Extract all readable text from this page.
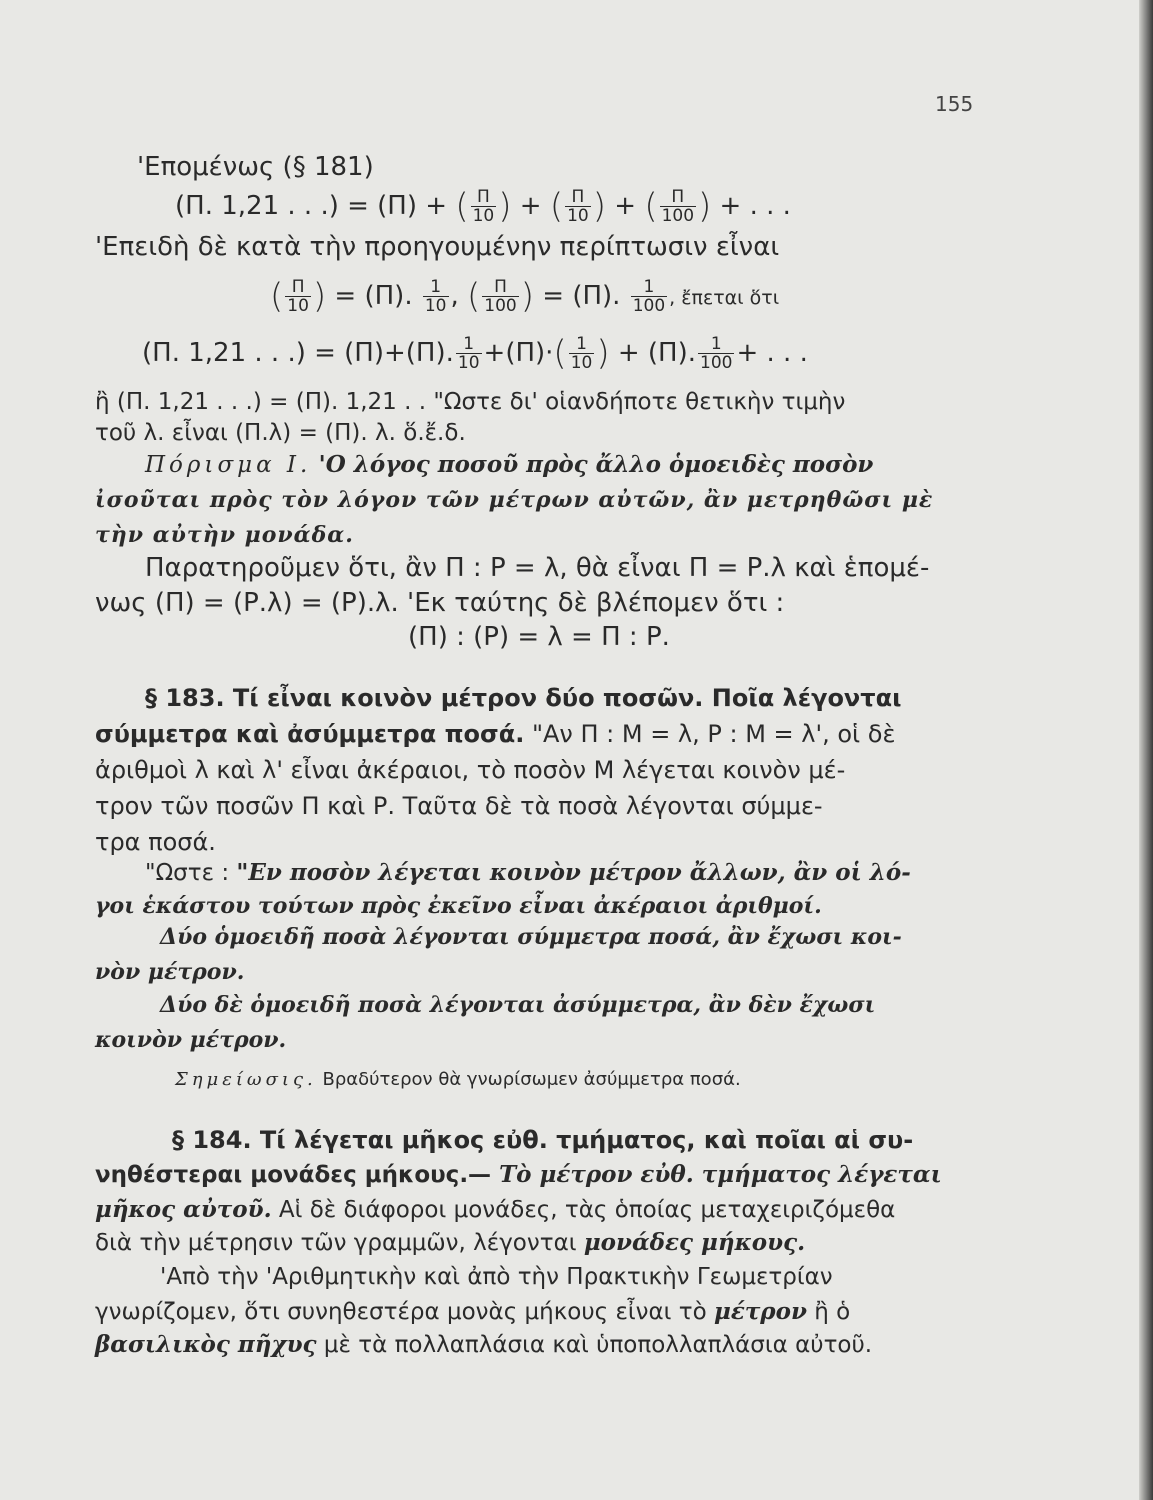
155
'Επομένως (§ 181)
(Π. 1,21 . . .) = (Π) + ( $\frac{\Pi}{10}$ ) + ( $\frac{\Pi}{10}$ ) + ( $\frac{\Pi}{100}$ ) + . . .
'Επειδὴ δὲ κατὰ τὴν προηγουμένην περίπτωσιν εἶναι
( $\frac{\Pi}{10}$ ) = (Π). $\frac{1}{10}$ , ( $\frac{\Pi}{100}$ ) = (Π). $\frac{1}{100}$ , ἔπεται ὅτι
(Π. 1,21 . . .) = (Π)+(Π). $\frac{1}{10} +(\Pi)\cdot( \frac{1}{10}$ ) + (Π). $\frac{1}{100}$ + . . .
ἢ (Π. 1,21 . . .) = (Π). 1,21 . . "Ωστε δι' οἱανδήποτε θετικὴν τιμὴν
τοῦ λ. εἶναι (Π.λ) = (Π). λ. ὅ.ἔ.δ.
Πόρισμα Ι. 'Ο λόγος ποσοῦ πρὸς ἄλλο ὁμοειδὲς ποσὸν
ἰσοῦται πρὸς τὸν λόγον τῶν μέτρων αὐτῶν, ἂν μετρηθῶσι μὲ
τὴν αὐτὴν μονάδα.
Παρατηροῦμεν ὅτι, ἂν Π : Ρ = λ, θὰ εἶναι Π = Ρ.λ καὶ ἑπομέ-
νως (Π) = (Ρ.λ) = (Ρ).λ. 'Εκ ταύτης δὲ βλέπομεν ὅτι :
(Π) : (Ρ) = λ = Π : Ρ.
§ 183. Τί εἶναι κοινὸν μέτρον δύο ποσῶν. Ποῖα λέγονται
σύμμετρα καὶ ἀσύμμετρα ποσά. "Αν Π : Μ = λ, Ρ : Μ = λ', οἱ δὲ
ἀριθμοὶ λ καὶ λ' εἶναι ἀκέραιοι, τὸ ποσὸν Μ λέγεται κοινὸν μέ-
τρον τῶν ποσῶν Π καὶ Ρ. Ταῦτα δὲ τὰ ποσὰ λέγονται σύμμε-
τρα ποσά.
"Ωστε : "Εν ποσὸν λέγεται κοινὸν μέτρον ἄλλων, ἂν οἱ λό-
γοι ἑκάστου τούτων πρὸς ἐκεῖνο εἶναι ἀκέραιοι ἀριθμοί.
Δύο ὁμοειδῆ ποσὰ λέγονται σύμμετρα ποσά, ἂν ἔχωσι κοι-
νὸν μέτρον.
Δύο δὲ ὁμοειδῆ ποσὰ λέγονται ἀσύμμετρα, ἂν δὲν ἔχωσι
κοινὸν μέτρον.
Σημείωσις. Βραδύτερον θὰ γνωρίσωμεν ἀσύμμετρα ποσά.
§ 184. Τί λέγεται μῆκος εὐθ. τμήματος, καὶ ποῖαι αἱ συ-
νηθέστεραι μονάδες μήκους.— Τὸ μέτρον εὐθ. τμήματος λέγεται
μῆκος αὐτοῦ. Αἱ δὲ διάφοροι μονάδες, τὰς ὁποίας μεταχειριζόμεθα
διὰ τὴν μέτρησιν τῶν γραμμῶν, λέγονται μονάδες μήκους.
'Απὸ τὴν 'Αριθμητικὴν καὶ ἀπὸ τὴν Πρακτικὴν Γεωμετρίαν
γνωρίζομεν, ὅτι συνηθεστέρα μονὰς μήκους εἶναι τὸ μέτρον ἢ ὁ
βασιλικὸς πῆχυς μὲ τὰ πολλαπλάσια καὶ ὑποπολλαπλάσια αὐτοῦ.
